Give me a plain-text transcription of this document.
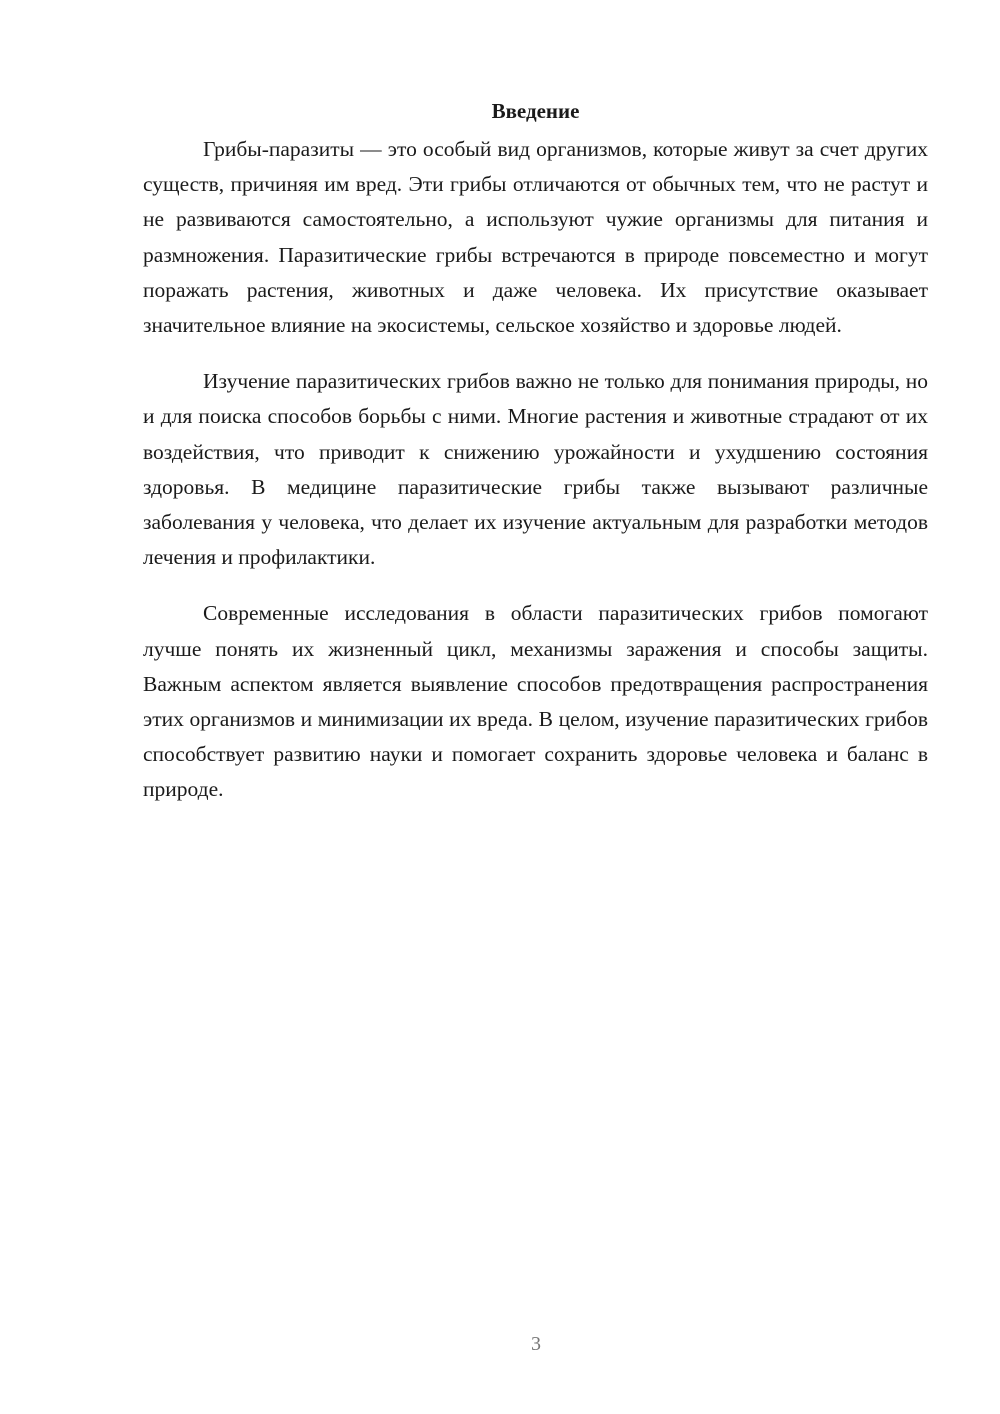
Введение

Грибы-паразиты — это особый вид организмов, которые живут за счет других существ, причиняя им вред. Эти грибы отличаются от обычных тем, что не растут и не развиваются самостоятельно, а используют чужие организмы для питания и размножения. Паразитические грибы встречаются в природе повсеместно и могут поражать растения, животных и даже человека. Их присутствие оказывает значительное влияние на экосистемы, сельское хозяйство и здоровье людей.

Изучение паразитических грибов важно не только для понимания природы, но и для поиска способов борьбы с ними. Многие растения и животные страдают от их воздействия, что приводит к снижению урожайности и ухудшению состояния здоровья. В медицине паразитические грибы также вызывают различные заболевания у человека, что делает их изучение актуальным для разработки методов лечения и профилактики.

Современные исследования в области паразитических грибов помогают лучше понять их жизненный цикл, механизмы заражения и способы защиты. Важным аспектом является выявление способов предотвращения распространения этих организмов и минимизации их вреда. В целом, изучение паразитических грибов способствует развитию науки и помогает сохранить здоровье человека и баланс в природе.

3
